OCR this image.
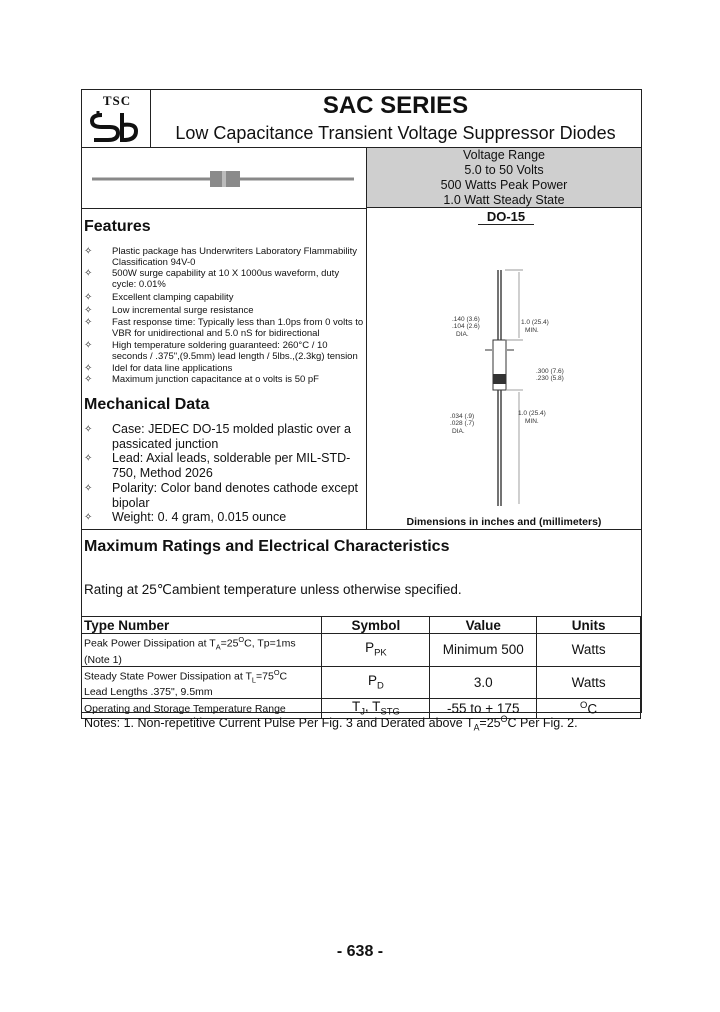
TSC	SAC SERIES
Low Capacitance Transient Voltage Suppressor Diodes
Voltage Range
5.0 to 50 Volts
500 Watts Peak Power
1.0 Watt Steady State
Features
✧	Plastic package has Underwriters Laboratory Flammability Classification 94V-0
✧	500W surge capability at 10 X 1000us waveform, duty cycle: 0.01%
✧	Excellent clamping capability
✧	Low incremental surge resistance
✧	Fast response time: Typically less than 1.0ps from 0 volts to VBR for unidirectional and 5.0 nS for bidirectional
✧	High temperature soldering guaranteed: 260°C / 10 seconds / .375",(9.5mm) lead length / 5lbs.,(2.3kg) tension
✧	Idel for data line applications
✧	Maximum junction capacitance at o volts is 50 pF
Mechanical Data
✧ Case: JEDEC DO-15 molded plastic over a passicated junction
✧ Lead: Axial leads, solderable per MIL-STD-750, Method 2026
✧ Polarity: Color band denotes cathode except bipolar
✧ Weight: 0. 4 gram, 0.015 ounce
DO-15
.140 (3.6)
.104 (2.6)
DIA.
1.0 (25.4)
MIN.
.300 (7.6)
.230 (5.8)
.034 (.9)
.028 (.7)
DIA.
1.0 (25.4)
MIN.
Dimensions in inches and (millimeters)
Maximum Ratings and Electrical Characteristics
Rating at 25℃ambient temperature unless otherwise specified.
Type Number	Symbol	Value	Units
Peak Power Dissipation at $T_A=25^OC$, Tp=1ms
(Note 1)	$P_{PK}$	Minimum 500	Watts
Steady State Power Dissipation at $T_L=75^OC$
Lead Lengths .375", 9.5mm	$P_D$	3.0	Watts
Operating and Storage Temperature Range	$T_J$, $T_{STG}$	-55 to + 175	$^O$C
Notes: 1. Non-repetitive Current Pulse Per Fig. 3 and Derated above $T_A=25^OC$ Per Fig. 2.
- 638 -
